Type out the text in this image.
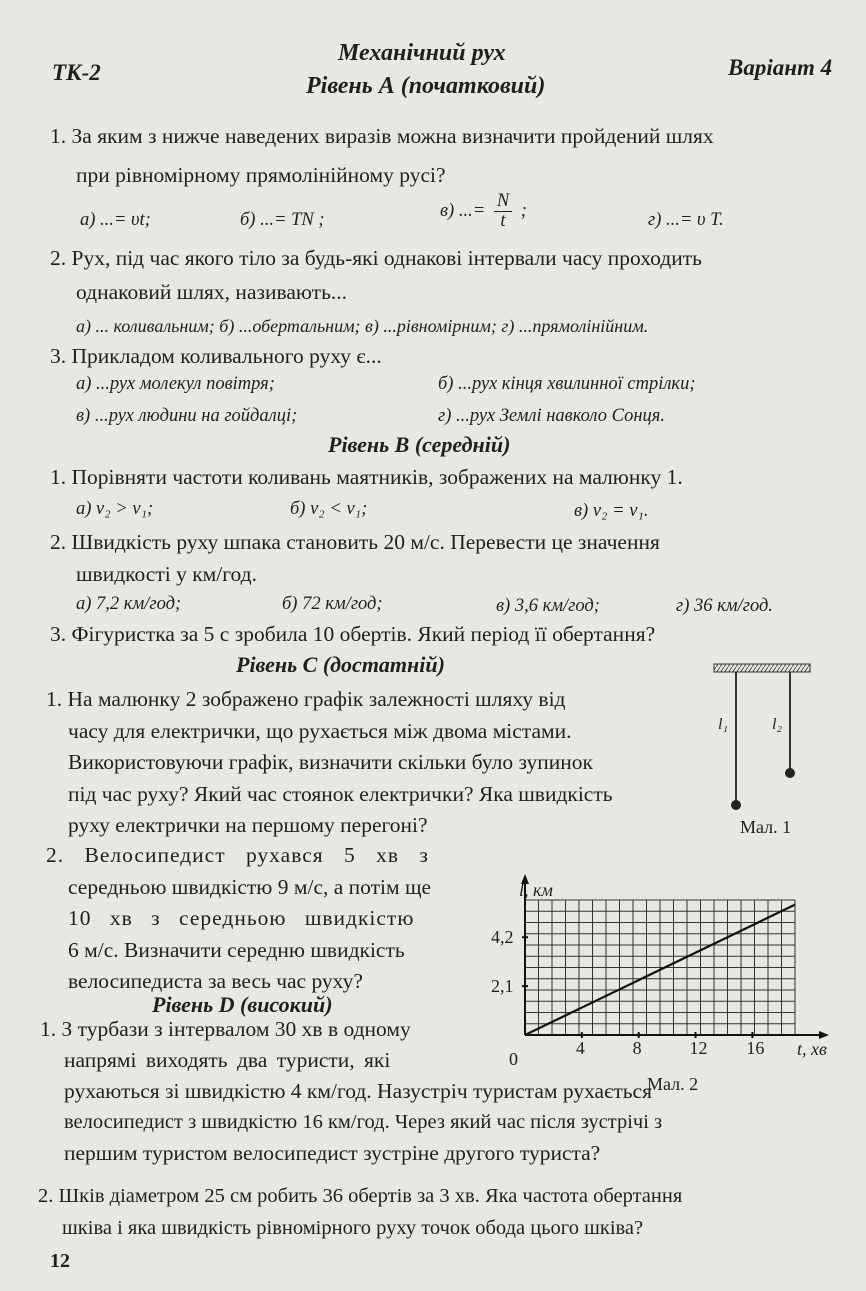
ТК-2
Механічний рух
Рівень А (початковий)
Варіант 4
1. За яким з нижче наведених виразів можна визначити пройдений шлях
при рівномірному прямолінійному русі?
а) ...= υt;	б) ...= TN ;	в) ...= $\frac{N}{t}$ ;	г) ...= υ T.
2. Рух, під час якого тіло за будь-які однакові інтервали часу проходить
однаковий шлях, називають...
а) ... коливальним; б) ...обертальним; в) ...рівномірним; г) ...прямолінійним.
3. Прикладом коливального руху є...
а) ...рух молекул повітря;	б) ...рух кінця хвилинної стрілки;
в) ...рух людини на гойдалці;	г) ...рух Землі навколо Сонця.
Рівень В (середній)
1. Порівняти частоти коливань маятників, зображених на малюнку 1.
а) ν₂ > ν₁;	б) ν₂ < ν₁;	в) ν₂ = ν₁.
2. Швидкість руху шпака становить 20 м/с. Перевести це значення
швидкості у км/год.
а) 7,2 км/год;	б) 72 км/год;	в) 3,6 км/год;	г) 36 км/год.
3. Фігуристка за 5 с зробила 10 обертів. Який період її обертання?
Рівень С (достатній)
1. На малюнку 2 зображено графік залежності шляху від
часу для електрички, що рухається між двома містами.
Використовуючи графік, визначити скільки було зупинок
під час руху? Який час стоянок електрички? Яка швидкість
руху електрички на першому перегоні?
2. Велосипедист рухався 5 хв з
середньою швидкістю 9 м/с, а потім ще
10 хв з середньою швидкістю
6 м/с. Визначити середню швидкість
велосипедиста за весь час руху?
Рівень D (високий)
1. З турбази з інтервалом 30 хв в одному
напрямі виходять два туристи, які
рухаються зі швидкістю 4 км/год. Назустріч туристам рухається
велосипедист з швидкістю 16 км/год. Через який час після зустрічі з
першим туристом велосипедист зустріне другого туриста?
2. Шків діаметром 25 см робить 36 обертів за 3 хв. Яка частота обертання
шківа і яка швидкість рівномірного руху точок обода цього шківа?
12
l₁	l₂
Мал. 1
4	8	12 16
2,1
4,2
l, км
t, хв
0
Мал. 2
